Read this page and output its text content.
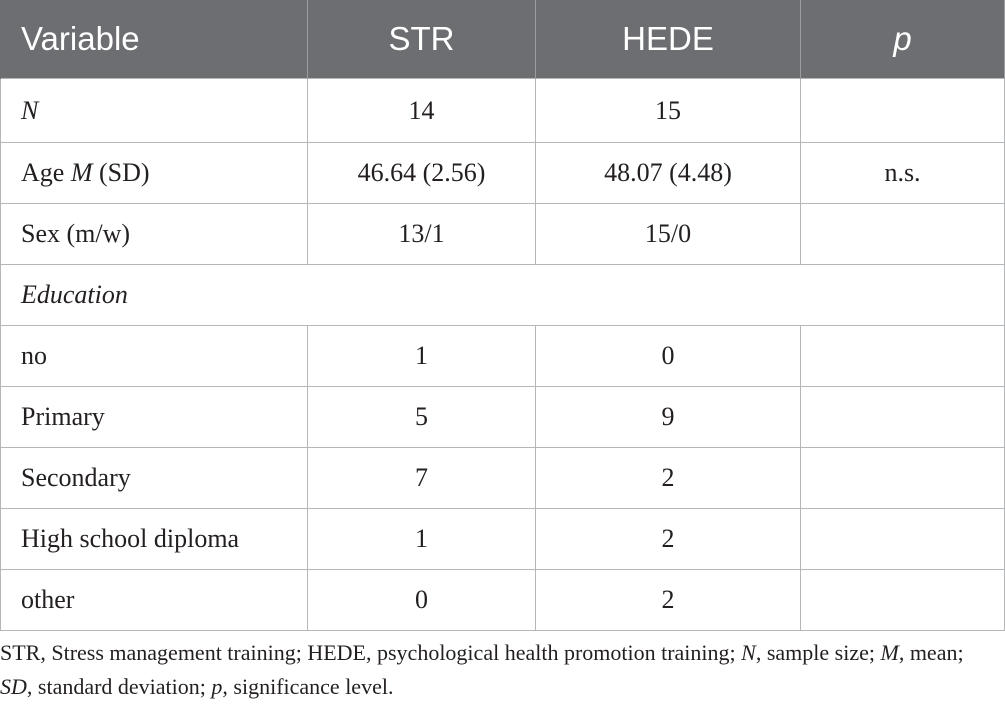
Variable	STR	HEDE	p
N	14	15	
Age M (SD)	46.64 (2.56)	48.07 (4.48)	n.s.
Sex (m/w)	13/1	15/0	
Education			
no	1	0	
Primary	5	9	
Secondary	7	2	
High school diploma	1	2	
other	0	2	
STR, Stress management training; HEDE, psychological health promotion training; N, sample size; M, mean; SD, standard deviation; p, significance level.
